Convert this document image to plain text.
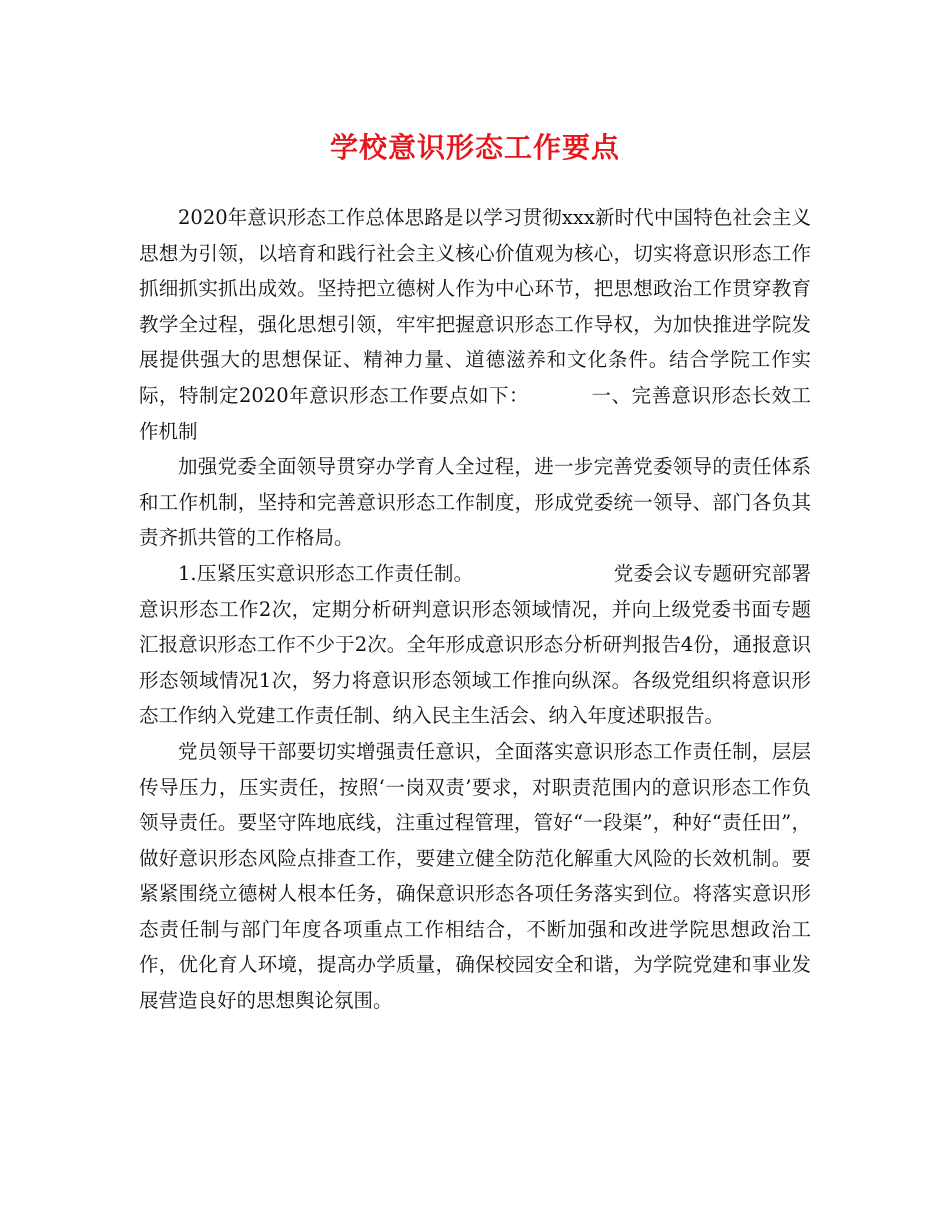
学校意识形态工作要点

2020年意识形态工作总体思路是以学习贯彻xxx新时代中国特色社会主义思想为引领，以培育和践行社会主义核心价值观为核心，切实将意识形态工作抓细抓实抓出成效。坚持把立德树人作为中心环节，把思想政治工作贯穿教育教学全过程，强化思想引领，牢牢把握意识形态工作导权，为加快推进学院发展提供强大的思想保证、精神力量、道德滋养和文化条件。结合学院工作实际，特制定2020年意识形态工作要点如下：	一、完善意识形态长效工作机制

加强党委全面领导贯穿办学育人全过程，进一步完善党委领导的责任体系和工作机制，坚持和完善意识形态工作制度，形成党委统一领导、部门各负其责齐抓共管的工作格局。

1.压紧压实意识形态工作责任制。	党委会议专题研究部署意识形态工作2次，定期分析研判意识形态领域情况，并向上级党委书面专题汇报意识形态工作不少于2次。全年形成意识形态分析研判报告4份，通报意识形态领域情况1次，努力将意识形态领域工作推向纵深。各级党组织将意识形态工作纳入党建工作责任制、纳入民主生活会、纳入年度述职报告。

党员领导干部要切实增强责任意识，全面落实意识形态工作责任制，层层传导压力，压实责任，按照‘一岗双责’要求，对职责范围内的意识形态工作负领导责任。要坚守阵地底线，注重过程管理，管好“一段渠”，种好“责任田”，做好意识形态风险点排查工作，要建立健全防范化解重大风险的长效机制。要紧紧围绕立德树人根本任务，确保意识形态各项任务落实到位。将落实意识形态责任制与部门年度各项重点工作相结合，不断加强和改进学院思想政治工作，优化育人环境，提高办学质量，确保校园安全和谐，为学院党建和事业发展营造良好的思想舆论氛围。
